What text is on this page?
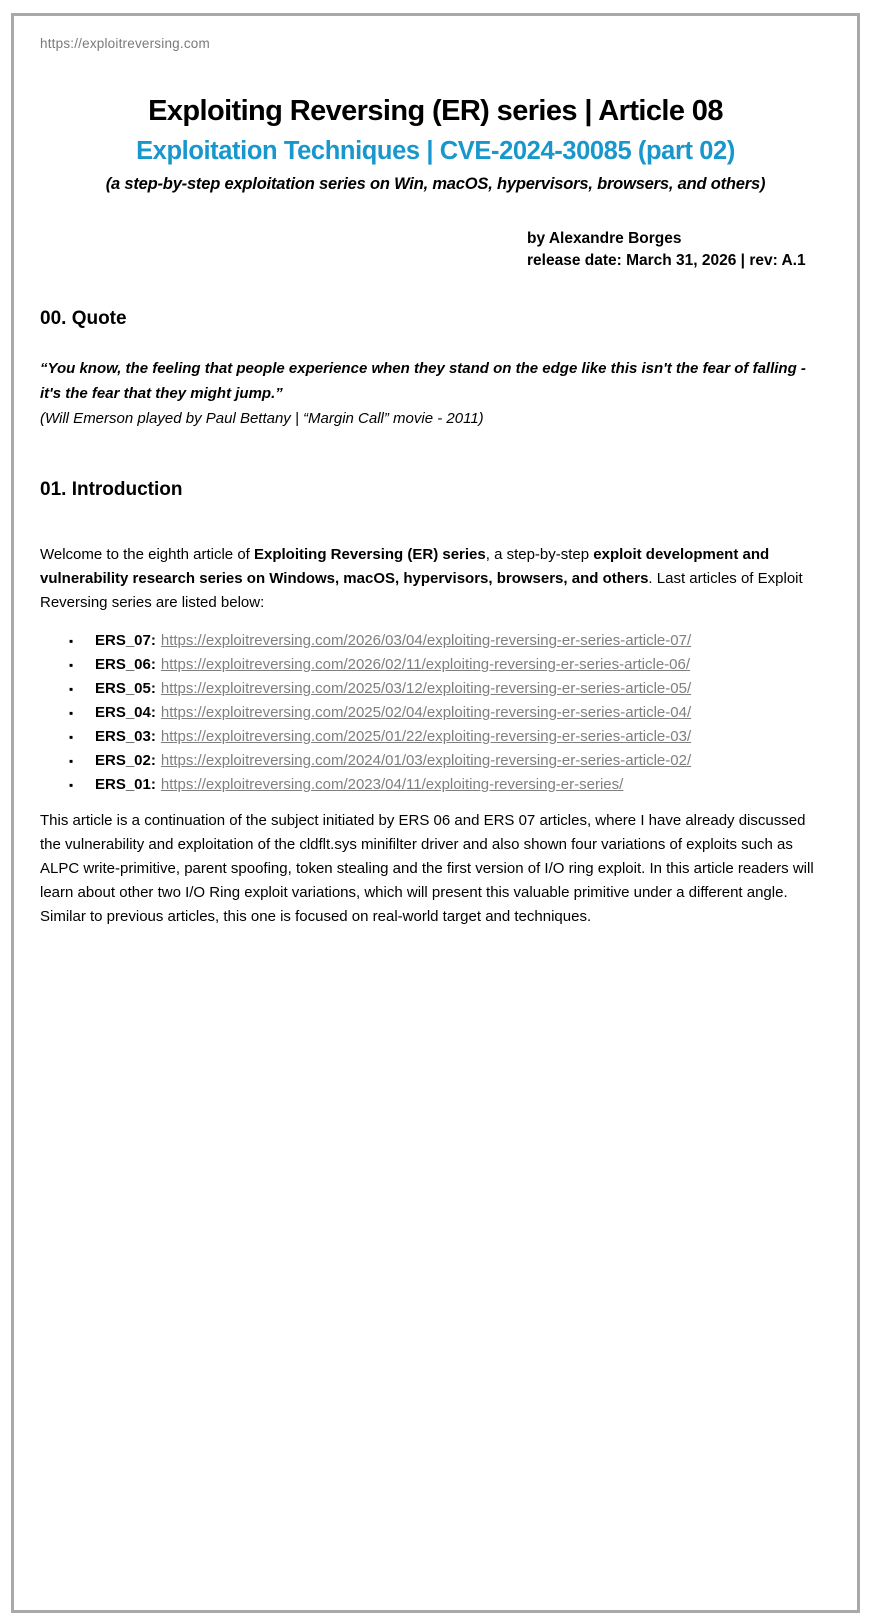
https://exploitreversing.com
Exploiting Reversing (ER) series | Article 08
Exploitation Techniques | CVE-2024-30085 (part 02)
(a step-by-step exploitation series on Win, macOS, hypervisors, browsers, and others)
by Alexandre Borges
release date: March 31, 2026 | rev: A.1
00. Quote
“You know, the feeling that people experience when they stand on the edge like this isn't the fear of falling - it's the fear that they might jump.”
(Will Emerson played by Paul Bettany | “Margin Call” movie - 2011)
01. Introduction

Welcome to the eighth article of Exploiting Reversing (ER) series, a step-by-step exploit development and vulnerability research series on Windows, macOS, hypervisors, browsers, and others. Last articles of Exploit Reversing series are listed below:

▪ ERS_07: https://exploitreversing.com/2026/03/04/exploiting-reversing-er-series-article-07/
▪ ERS_06: https://exploitreversing.com/2026/02/11/exploiting-reversing-er-series-article-06/
▪ ERS_05: https://exploitreversing.com/2025/03/12/exploiting-reversing-er-series-article-05/
▪ ERS_04: https://exploitreversing.com/2025/02/04/exploiting-reversing-er-series-article-04/
▪ ERS_03: https://exploitreversing.com/2025/01/22/exploiting-reversing-er-series-article-03/
▪ ERS_02: https://exploitreversing.com/2024/01/03/exploiting-reversing-er-series-article-02/
▪ ERS_01: https://exploitreversing.com/2023/04/11/exploiting-reversing-er-series/

This article is a continuation of the subject initiated by ERS 06 and ERS 07 articles, where I have already discussed the vulnerability and exploitation of the cldflt.sys minifilter driver and also shown four variations of exploits such as ALPC write-primitive, parent spoofing, token stealing and the first version of I/O ring exploit. In this article readers will learn about other two I/O Ring exploit variations, which will present this valuable primitive under a different angle. Similar to previous articles, this one is focused on real-world target and techniques.
